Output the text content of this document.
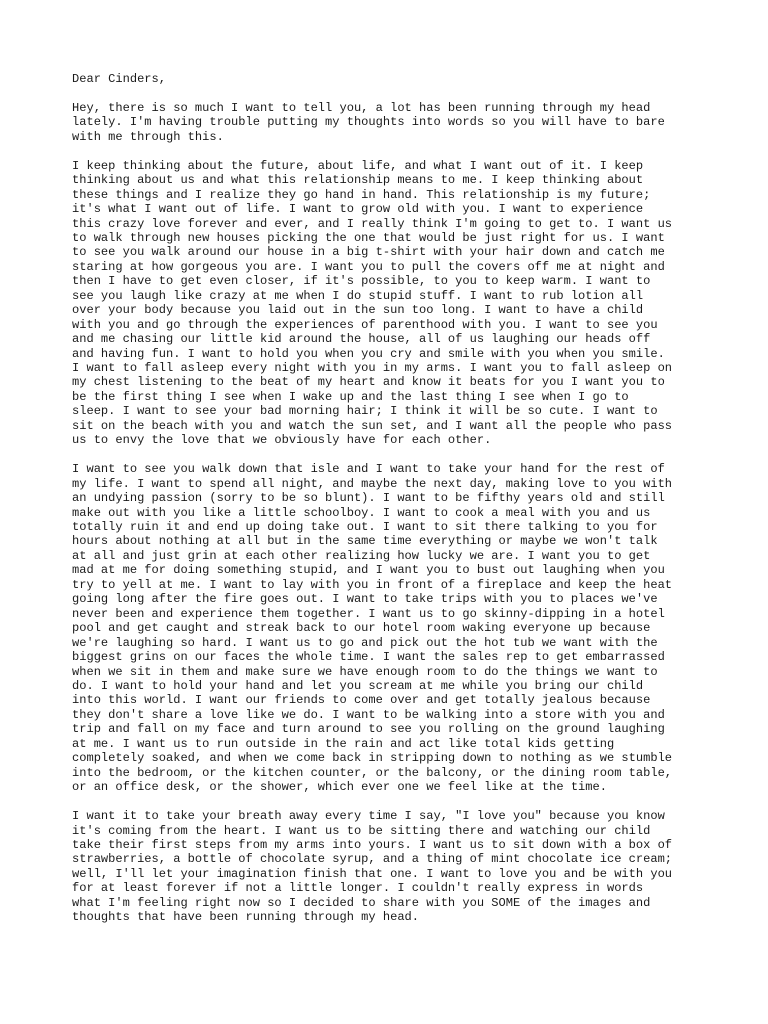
Dear Cinders,

Hey, there is so much I want to tell you, a lot has been running through my head
lately. I'm having trouble putting my thoughts into words so you will have to bare
with me through this.

I keep thinking about the future, about life, and what I want out of it. I keep
thinking about us and what this relationship means to me. I keep thinking about
these things and I realize they go hand in hand. This relationship is my future;
it's what I want out of life. I want to grow old with you. I want to experience
this crazy love forever and ever, and I really think I'm going to get to. I want us
to walk through new houses picking the one that would be just right for us. I want
to see you walk around our house in a big t-shirt with your hair down and catch me
staring at how gorgeous you are. I want you to pull the covers off me at night and
then I have to get even closer, if it's possible, to you to keep warm. I want to
see you laugh like crazy at me when I do stupid stuff. I want to rub lotion all
over your body because you laid out in the sun too long. I want to have a child
with you and go through the experiences of parenthood with you. I want to see you
and me chasing our little kid around the house, all of us laughing our heads off
and having fun. I want to hold you when you cry and smile with you when you smile.
I want to fall asleep every night with you in my arms. I want you to fall asleep on
my chest listening to the beat of my heart and know it beats for you I want you to
be the first thing I see when I wake up and the last thing I see when I go to
sleep. I want to see your bad morning hair; I think it will be so cute. I want to
sit on the beach with you and watch the sun set, and I want all the people who pass
us to envy the love that we obviously have for each other.

I want to see you walk down that isle and I want to take your hand for the rest of
my life. I want to spend all night, and maybe the next day, making love to you with
an undying passion (sorry to be so blunt). I want to be fifthy years old and still
make out with you like a little schoolboy. I want to cook a meal with you and us
totally ruin it and end up doing take out. I want to sit there talking to you for
hours about nothing at all but in the same time everything or maybe we won't talk
at all and just grin at each other realizing how lucky we are. I want you to get
mad at me for doing something stupid, and I want you to bust out laughing when you
try to yell at me. I want to lay with you in front of a fireplace and keep the heat
going long after the fire goes out. I want to take trips with you to places we've
never been and experience them together. I want us to go skinny-dipping in a hotel
pool and get caught and streak back to our hotel room waking everyone up because
we're laughing so hard. I want us to go and pick out the hot tub we want with the
biggest grins on our faces the whole time. I want the sales rep to get embarrassed
when we sit in them and make sure we have enough room to do the things we want to
do. I want to hold your hand and let you scream at me while you bring our child
into this world. I want our friends to come over and get totally jealous because
they don't share a love like we do. I want to be walking into a store with you and
trip and fall on my face and turn around to see you rolling on the ground laughing
at me. I want us to run outside in the rain and act like total kids getting
completely soaked, and when we come back in stripping down to nothing as we stumble
into the bedroom, or the kitchen counter, or the balcony, or the dining room table,
or an office desk, or the shower, which ever one we feel like at the time.

I want it to take your breath away every time I say, "I love you" because you know
it's coming from the heart. I want us to be sitting there and watching our child
take their first steps from my arms into yours. I want us to sit down with a box of
strawberries, a bottle of chocolate syrup, and a thing of mint chocolate ice cream;
well, I'll let your imagination finish that one. I want to love you and be with you
for at least forever if not a little longer. I couldn't really express in words
what I'm feeling right now so I decided to share with you SOME of the images and
thoughts that have been running through my head.
